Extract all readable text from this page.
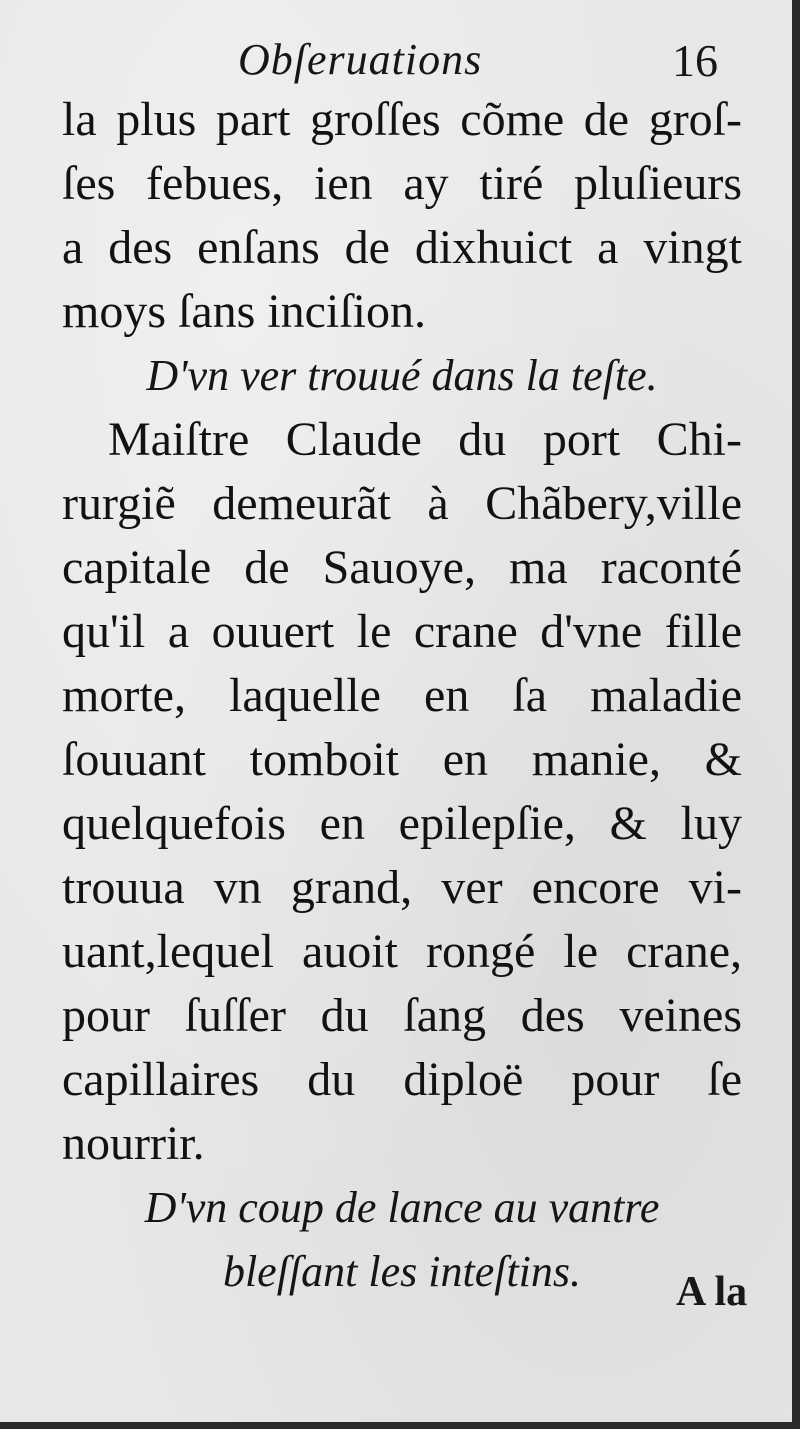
Obſeruations	16
la plus part groſſes cõme de groſ-
ſes febues, ien ay tiré pluſieurs
a des enſans de dixhuict a vingt
moys ſans inciſion.
D'vn ver trouué dans la teſte.
Maiſtre Claude du port Chi-
rurgiẽ demeurãt à Chãbery,ville
capitale de Sauoye, ma raconté
qu'il a ouuert le crane d'vne fille
morte, laquelle en ſa maladie
ſouuant tomboit en manie, &
quelquefois en epilepſie, & luy
trouua vn grand, ver encore vi-
uant,lequel auoit rongé le crane,
pour ſuſſer du ſang des veines
capillaires du diploë pour ſe
nourrir.
D'vn coup de lance au vantre
bleſſant les inteſtins.	A la
